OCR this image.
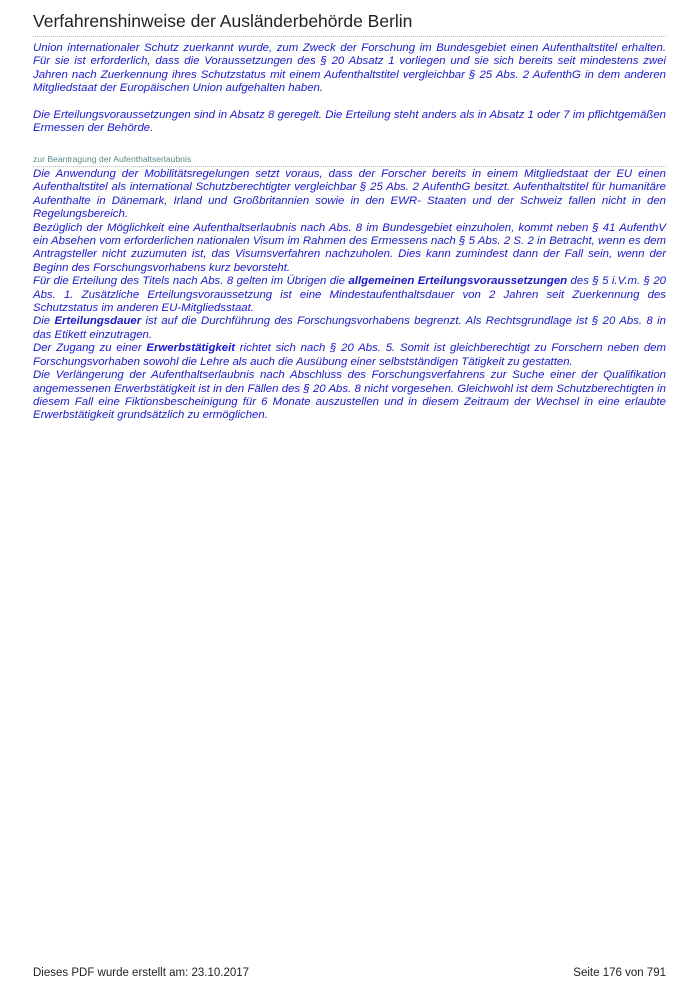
Verfahrenshinweise der Ausländerbehörde Berlin

Union internationaler Schutz zuerkannt wurde, zum Zweck der Forschung im Bundesgebiet einen Aufenthaltstitel erhalten. Für sie ist erforderlich, dass die Voraussetzungen des § 20 Absatz 1 vorliegen und sie sich bereits seit mindestens zwei Jahren nach Zuerkennung ihres Schutzstatus mit einem Aufenthaltstitel vergleichbar § 25 Abs. 2 AufenthG in dem anderen Mitgliedstaat der Europäischen Union aufgehalten haben.

Die Erteilungsvoraussetzungen sind in Absatz 8 geregelt. Die Erteilung steht anders als in Absatz 1 oder 7 im pflichtgemäßen Ermessen der Behörde.

zur Beantragung der Aufenthaltserlaubnis

Die Anwendung der Mobilitätsregelungen setzt voraus, dass der Forscher bereits in einem Mitgliedstaat der EU einen Aufenthaltstitel als international Schutzberechtigter vergleichbar § 25 Abs. 2 AufenthG besitzt. Aufenthaltstitel für humanitäre Aufenthalte in Dänemark, Irland und Großbritannien sowie in den EWR- Staaten und der Schweiz fallen nicht in den Regelungsbereich.

Bezüglich der Möglichkeit eine Aufenthaltserlaubnis nach Abs. 8 im Bundesgebiet einzuholen, kommt neben § 41 AufenthV ein Absehen vom erforderlichen nationalen Visum im Rahmen des Ermessens nach § 5 Abs. 2 S. 2 in Betracht, wenn es dem Antragsteller nicht zuzumuten ist, das Visumsverfahren nachzuholen. Dies kann zumindest dann der Fall sein, wenn der Beginn des Forschungsvorhabens kurz bevorsteht.

Für die Erteilung des Titels nach Abs. 8 gelten im Übrigen die allgemeinen Erteilungsvoraussetzungen des § 5 i.V.m. § 20 Abs. 1. Zusätzliche Erteilungsvoraussetzung ist eine Mindestaufenthaltsdauer von 2 Jahren seit Zuerkennung des Schutzstatus im anderen EU-Mitgliedsstaat.

Die Erteilungsdauer ist auf die Durchführung des Forschungsvorhabens begrenzt. Als Rechtsgrundlage ist § 20 Abs. 8 in das Etikett einzutragen.

Der Zugang zu einer Erwerbstätigkeit richtet sich nach § 20 Abs. 5. Somit ist gleichberechtigt zu Forschern neben dem Forschungsvorhaben sowohl die Lehre als auch die Ausübung einer selbstständigen Tätigkeit zu gestatten.

Die Verlängerung der Aufenthaltserlaubnis nach Abschluss des Forschungsverfahrens zur Suche einer der Qualifikation angemessenen Erwerbstätigkeit ist in den Fällen des § 20 Abs. 8 nicht vorgesehen. Gleichwohl ist dem Schutzberechtigten in diesem Fall eine Fiktionsbescheinigung für 6 Monate auszustellen und in diesem Zeitraum der Wechsel in eine erlaubte Erwerbstätigkeit grundsätzlich zu ermöglichen.

Dieses PDF wurde erstellt am: 23.10.2017	Seite 176 von 791
